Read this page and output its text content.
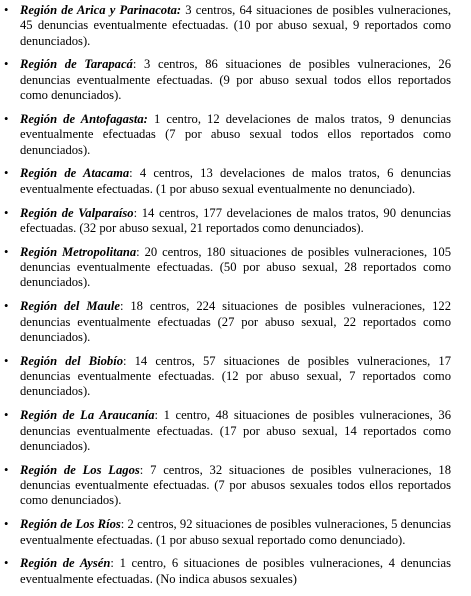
• Región de Arica y Parinacota: 3 centros, 64 situaciones de posibles vulneraciones, 45 denuncias eventualmente efectuadas. (10 por abuso sexual, 9 reportados como denunciados).
• Región de Tarapacá: 3 centros, 86 situaciones de posibles vulneraciones, 26 denuncias eventualmente efectuadas. (9 por abuso sexual todos ellos reportados como denunciados).
• Región de Antofagasta: 1 centro, 12 develaciones de malos tratos, 9 denuncias eventualmente efectuadas (7 por abuso sexual todos ellos reportados como denunciados).
• Región de Atacama: 4 centros, 13 develaciones de malos tratos, 6 denuncias eventualmente efectuadas. (1 por abuso sexual eventualmente no denunciado).
• Región de Valparaíso: 14 centros, 177 develaciones de malos tratos, 90 denuncias efectuadas. (32 por abuso sexual, 21 reportados como denunciados).
• Región Metropolitana: 20 centros, 180 situaciones de posibles vulneraciones, 105 denuncias eventualmente efectuadas. (50 por abuso sexual, 28 reportados como denunciados).
• Región del Maule: 18 centros, 224 situaciones de posibles vulneraciones, 122 denuncias eventualmente efectuadas (27 por abuso sexual, 22 reportados como denunciados).
• Región del Biobío: 14 centros, 57 situaciones de posibles vulneraciones, 17 denuncias eventualmente efectuadas. (12 por abuso sexual, 7 reportados como denunciados).
• Región de La Araucanía: 1 centro, 48 situaciones de posibles vulneraciones, 36 denuncias eventualmente efectuadas. (17 por abuso sexual, 14 reportados como denunciados).
• Región de Los Lagos: 7 centros, 32 situaciones de posibles vulneraciones, 18 denuncias eventualmente efectuadas. (7 por abusos sexuales todos ellos reportados como denunciados).
• Región de Los Ríos: 2 centros, 92 situaciones de posibles vulneraciones, 5 denuncias eventualmente efectuadas. (1 por abuso sexual reportado como denunciado).
• Región de Aysén: 1 centro, 6 situaciones de posibles vulneraciones, 4 denuncias eventualmente efectuadas. (No indica abusos sexuales)
